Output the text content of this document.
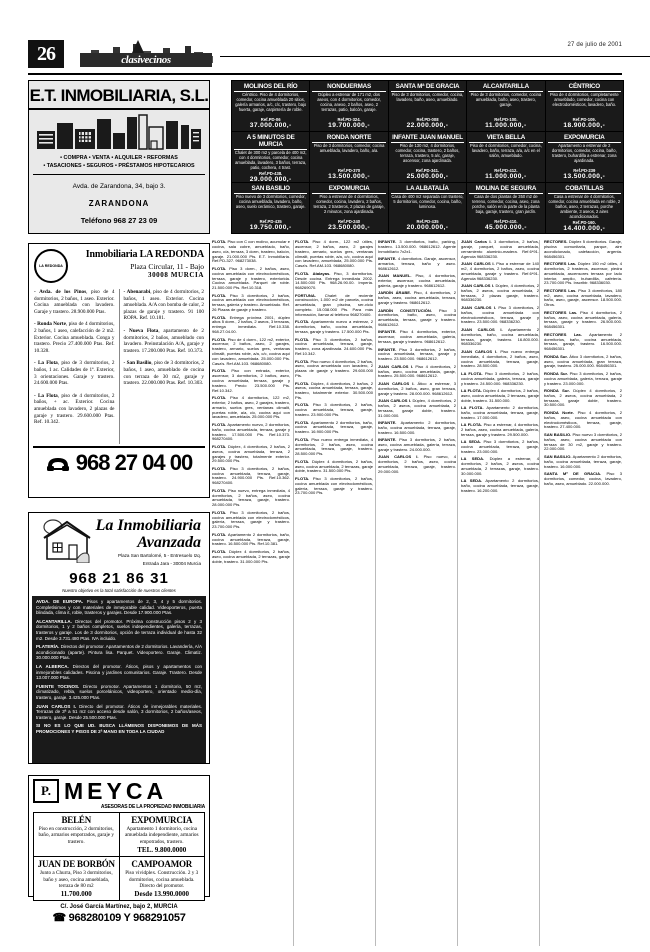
26	clasivecinos
27 de julio de 2001
E.T. INMOBILIARIA, S.L.
• COMPRA • VENTA • ALQUILER • REFORMAS
• TASACIONES • SEGUROS • PRÉSTAMOS HIPOTECARIOS
Avda. de Zarandona, 34, bajo 3.
ZARANDONA
Teléfono 968 27 23 09
MOLINOS DEL RÍO
Céntrico. Piso de 4 dormitorios, comedor, cocina amueblada 20 sitios, galería armarios, a/c, c/c, trastero, bajo huerta, garaje, carpintería de roble.
Ref.PD-06
37.000.000,-
NONDUERMAS
Dúplex a estrenar de 171 m2, dos aseos, con 4 dormitorios, comedor, cocina, anexo, 2 baños, aseo, 2 terrazas, patio, balcón, garaje.
Ref.PD-324.
19.700.000,-
SANTA Mª DE GRACIA
Piso de 3 dormitorios, comedor, cocina, lavadero, baño, aseo, amueblado.
Ref.PD-008
22.000.000,-
ALCANTARILLA
Piso de 3 dormitorios, comedor, cocina amueblada, baño, aseo, trastero, garaje.
Ref.PD-100.
11.000.000,-
CÉNTRICO
Piso de 4 dormitorios, completamente amueblado, comedor, cocina con electrodomésticos, lavadero, baño.
Ref.PD-109.
18.900.000,-
A 5 MINUTOS DE MURCIA
Chalet de 300 m2 y parcela de 400 m2, con 4 dormitorios, comedor, cocina amueblada, lavadero, 3 baños, terraza, patio, cochera, 4 trast.
Ref.PD-438.
29.000.000,-
RONDA NORTE
Piso de 3 dormitorios, comedor, cocina amueblada, lavadero, baño, a/a.
Ref.PD-370
13.500.000,-
INFANTE JUAN MANUEL
Piso de 130 m2, 4 dormitorios, comedor, cocina, trastero, 2 baños, terraza, trastero, 5 a/c, garaje, ascensor, zona ajardinada.
Ref.PD-341.
25.000.000,-
VIETA BELLA
Piso de 4 dormitorios, comedor, cocina, lavadero, baño, terraza, a/a, a/c en el salón, amueblado.
Ref.PD-412.
11.000.000,-
EXPOMURCIA
Apartamento a estrenar de 2 dormitorios, comedor, cocina, baño, trastero, buhardilla a estrenar, zona ajardinada.
Ref.PD-239
13.500.000,-
SAN BASILIO
Piso nuevo de 3 dormitorios, comedor, cocina amueblada, lavadero, baño, aseo, suelo cerámico, trastero, garaje.
Ref.PD-435
19.750.000,-
EXPOMURCIA
Piso a estrenar de 4 dormitorios, comedor, cocina, lavadero, 2 baños, terraza, 2 trasteros, 2 plazas de garaje, 2 minutos, zona ajardinada.
Ref.PD-240
23.500.000,-
LA ALBATALÍA
Casa de 400 m2 separada con trastero, 5 dormitorios, comedor, cocina, baño, luminosa.
Ref.PD-435
20.000.000,-
MOLINA DE SEGURA
Casa de dos plantas de 350 m2 de terreno, comedor, cocina, aseo, zona porche, salón en la parte de la planta baja, garaje, trastero, gran jardín.
Ref.PD-410.
45.000.000,-
COBATILLAS
Casa a estrenar de 4 dormitorios, comedor, cocina amueblada en roble, 2 baños, aseo, 2 terrazas, porche ambiente, 3 aseos, 2 aires acondicionados.
Ref.PD-160.
14.400.000,-
LA REDONDA
Inmobiliaria LA REDONDA
Plaza Circular, 11 - Bajo
30008 MURCIA
- Avda. de los Pinos, piso de 4 dormitorios, 2 baños, 1 aseo. Exterior. Cocina amueblada con lavadero. Garaje y trastero. 28.900.000 Ptas.
- Ronda Norte, piso de 4 dormitorios, 2 baños, 1 aseo, calefacción de 2 m2. Exterior. Cocina amueblada. Conga y trastero. Precio 27.400.000 Ptas. Ref. 10.328.
- La Flota, piso de 3 dormitorios, 2 baños, 1 ac. Calidades de 1ª. Exterior, 3 orientaciones. Garaje y trastero. 24.600.000 Ptas.
- La Flota, piso de 4 dormitorios, 2 baños, + ac. Exterior. Cocina amueblada con lavadero, 2 plazas de garaje y trastero. 29.600.000 Ptas. Ref. 10.342.
- Abenarabi, piso de 4 dormitorios, 2 baños, 1 aseo. Exterior. Cocina amueblada. A/A con bomba de calor, 2 plazas de garaje y trastero. 91 100 ROPA. Ref. 10.181.
- Nueva Flota, apartamento de 2 dormitorios, 2 baños, amueblado con lavadero. Preinstalación A/A, garaje y trastero. 17.200.000 Ptas. Ref. 10.373.
- San Basilio, piso de 3 dormitorios, 2 baños, 1 aseo, amueblado de cocina con terraza de 30 m2, garaje y trastero. 22.000.000 Ptas. Ref. 10.303.
968 27 04 00
La Inmobiliaria
Avanzada
Plaza San Bartolomé, 5 - Entresuelo Izq.
Entrada Jara - 30004 Murcia
968 21 86 31
Nuestro objetivo es la total satisfacción de nuestros clientes

AVDA. DE EUROPA. Pisos y apartamentos de 2, 3, 4 y 5 dormitorios. Completísimos y con materiales de inmejorable calidad. Videoporteros, puerta blindada, clima it, roble, trasteros y garajes. Desde 17.900.000 Ptas.

ALCANTARILLA. Directos del promotor. Próxima construcción pisos 2 y 3 dormitorios, 1 y 2 baños completos, suelos independientes, galería, terrazas, trasteros y garaje. Los de 3 dormitorios, opción de terraza individual de hasta 32 m2. Desde 3.731.480 Ptas. IVA incluido.

PLATERÍA. Directos del promotor. Apartamentos de 2 dormitorios. Lavandería, A/A acondicionado (aparte). Pintura lisa. Parquet. Videoportero. Garaje. Climatiz. 30.000.000 Ptas.

LA ALBERCA. Directos del promotor. Áticos, pisos y apartamentos con inmejorables calidades. Piscina y jardines comunitarios. Garaje. Trastero. Desde 13.007.000 Ptas.

FUENTE TOCINOS. Directo promotor. Apartamentos 1 dormitorio, 50 m2, climatizado, rebla, suelos porcelánicos, videoportero, orientado medio-día, trastero, garaje. 3.425.000 Ptas.

JUAN CARLOS I. Directo del promotor. Áticos de inmejorables materiales. Terrazas de 3ª a 51 m2 con acceso desde salón, 3 dormitorios, 2 baños/aseos, trastero, garaje. Desde 25.500.000 Ptas.

SI NO ES LO QUE UD. BUSCA LLÁMENOS DISPONEMOS DE MÁS PROMOCIONES Y PISOS DE 2ª MANO EN TODA LA CIUDAD

P. MEYCA
ASESORAS DE LA PROPIEDAD INMOBILIARIA
BELÉN
Piso en construcción, 2 dormitorios, baño, armarios empotrados, garaje y trastero.
EXPOMURCIA
Apartamento 1 dormitorio, cocina amueblada independiente, armarios empotrados, trastero.
TEL. 9.800.0000
JUAN DE BORBÓN
Junto a Churra, Piso 3 dormitorios, baño y aseo, cocina amueblada, terraza de 80 m2
11.700.000
CAMPOAMOR
Piso vividplex. Construcción. 2 y 3 dormitorios, cocina amueblada. Directo del promotor.
Desde 13.990.0000
C/. José García Martínez, bajo 2, MURCIA
☎ 968280109 Y 968291057
FLOTA. Piso con C con molino, acumular e cocina, sala cobre, amueblado, baño, aseo, c/a, terraza, 3 dorm, trastero, balcón, garaje. 21.000.000 Pts. E.T. Inmobiliaria. Ref.PD-327. 968273038.
FLOTA. Piso 3 dorm., 2 baños, aseo, cocina amueblada con electrodomésticos, terraza, garaje y trastero, exteriorida. Cocina amueblada. Parquet de roble. 21.500.000 Pts. Ref.10.318.
FLOTA. Piso 3 dormitorios, 2 baños, cocina amueblada con electrodomésticos, terraza, galería y trastero. Amueblado. Ref. 26 Plazas de garaje y trastero.
FLOTA. Entrega próxima 2001, dúplex altos 5 dorm., 2 baños, 2 aseos, 3 terrazas, entrega inmediata. Ref.10.338. 968.27.04.00.
FLOTA. Piso de 4 dorm., 122 m2, exterior, ascensor, 2 baños, aseo, 2 garajes, trastero, armario, suelos gres, ventanas climalit, puertas roble, a/a, c/c, cocina aquí con lavadero, amueblada. 25.000.000 Pts. Casa's. Ref.AM-103. 968680080.
FLOTA. Piso con entrada, exterior, ascensor, 3 dormitorios, 2 baños, aseo, cocina amueblada, terraza, garaje y trastero. Precio 23.500.000 Pts. Ref.10.342.
FLOTA. Piso 4 dormitorios, 122 m2, exterior, 2 baños, aseo, 2 garajes, trastero, armario, suelos gres, ventanas climalit, puertas roble, a/a, c/c, cocina aquí con lavadero, amueblada. 25.000.000 Pts.
FLOTA. Apartamento nuevo, 2 dormitorios, baño, cocina amueblada, terraza, garaje y trastero. 17.500.000 Pts. Ref.10.373. 968270400.
FLOTA. Dúplex, 4 dormitorios, 2 baños, 2 aseos, cocina amueblada, terraza, 2 garajes y trastero, totalmente exterior. 29.500.000 Pts.
FLOTA. Piso 3 dormitorios, 2 baños, cocina amueblada, terraza, garaje, trastero. 24.900.000 Pts. Ref.10.362. 968270400.
FLOTA. Piso nuevo, entrega inmediata, 4 dormitorios, 2 baños, aseo, cocina amueblada, terraza, garaje, trastero. 28.000.000 Pts.
FLOTA. Piso 3 dormitorios, 2 baños, cocina amueblada con electrodomésticos, galería, terraza, garaje y trastero. 23.700.000 Pts.
FLOTA. Apartamento 2 dormitorios, baño, cocina amueblada, terraza, garaje, trastero. 16.500.000 Pts. Ref.10.381.
FLOTA. Dúplex 4 dormitorios, 2 baños, aseo, cocina amueblada, 2 terrazas, garaje doble, trastero. 31.000.000 Pts.
FLOTA. Piso 4 dorm., 122 m2 útiles, ascensor, 2 baños, aseo, 2 garajes trastero, armario, suelos gres, ventanas climalit, puertas roble, a/a, c/c, cocina aquí con lavadero, amueblada, 25.000.000 Pts. Casa's. Ref.AM-103. 968680080.
FLOTA. Atalayas. Piso, 3 dormitorios. Desde cocina. Entrega inmediata 2002. 14.500.000 Pts. 968.26.90.00. Imperia. 968269070.
FORTUNA. Chalet de reciente construcción, 1.000 m2 de parcela, cocina amueblada, gran piscina, ser-vicio completo. 15.038.000 Pts. Para más información, llamar al teléfono 968270400.
FLOTA. Apartamento nuevo a estrenar, 2 dormitorios, baño, cocina amueblada, terraza, garaje y trastero. 17.500.000 Pts.
FLOTA. Piso 3 dormitorios, 2 baños, cocina amueblada, terraza, garaje, trastero, zona ajardinada. 24.600.000 Pts. Ref.10.342.
FLOTA. Piso nuevo 4 dormitorios, 2 baños, aseo, cocina amueblada con lavadero, 2 plazas de garaje y trastero. 29.600.000 Pts.
FLOTA. Dúplex, 4 dormitorios, 2 baños, 2 aseos, cocina amueblada, terraza, garaje, trastero, totalmente exterior. 30.500.000 Pts.
FLOTA. Piso 3 dormitorios, 2 baños, cocina amueblada, terraza, garaje, trastero. 23.900.000 Pts.
FLOTA. Apartamento 2 dormitorios, baño, cocina amueblada, terraza, garaje, trastero. 16.900.000 Pts.
FLOTA. Piso nuevo entrega inmediata, 4 dormitorios, 2 baños, aseo, cocina amueblada, terraza, garaje, trastero. 28.500.000 Pts.
FLOTA. Dúplex 4 dormitorios, 2 baños, aseo, cocina amueblada, 2 terrazas, garaje doble, trastero. 31.500.000 Pts.
FLOTA. Piso 3 dormitorios, 2 baños, cocina amueblada con electrodomésticos, galería, terraza, garaje y trastero. 23.700.000 Pts.
INFANTE. 3 dormitorios, baño, parking, trastero. 13.500.000. 968612612. Agente Inmobiliario 7x2x1.
INFANTE. 4 dormitorios. Garaje, ascensor, armarios, terraza, baño y aseo. 968612612.
JUAN MANUEL. Piso, 4 dormitorios, exterior, ascensor, cocina amueblada, galería, garaje y trastero. 968612612.
JARDÍN ÁRABE. Piso, 4 dormitorios, 2 baños, aseo, cocina amueblada, terraza, garaje y trastero. 968612612.
JARDÍN CONSTITUCIÓN. Piso 3 dormitorios, baño, aseo, cocina amueblada, terraza, garaje y trastero. 968612612.
INFANTE. Piso 4 dormitorios, exterior, ascensor, cocina amueblada, galería, terraza, garaje y trastero. 968612612.
INFANTE. Piso 3 dormitorios, 2 baños, cocina amueblada, terraza, garaje y trastero. 23.500.000. 968612612.
JUAN CARLOS I. Piso 4 dormitorios, 2 baños, aseo, cocina amueblada, garaje, trastero. 25.500.000. 968612612.
JUAN CARLOS I. Ático a estrenar, 3 dormitorios, 2 baños, aseo, gran terraza, garaje y trastero. 28.000.000. 968612612.
JUAN CARLOS I. Dúplex, 4 dormitorios, 2 baños, 2 aseos, cocina amueblada, 2 terrazas, garaje doble, trastero. 31.000.000.
INFANTE. Apartamento 2 dormitorios, baño, cocina amueblada, terraza, garaje, trastero. 16.500.000.
INFANTE. Piso 3 dormitorios, 2 baños, aseo, cocina amueblada, galería, terraza, garaje y trastero. 24.000.000.
JUAN CARLOS I. Piso nuevo, 4 dormitorios, 2 baños, aseo, cocina amueblada, terraza, garaje, trastero. 29.000.000.
JUAN Carlos I. 3 dormitorios, 2 baños, garaje, parquet, cocina amueblada, cerramiento aluminio-madera. Ref.6*91. Agencia 968336230.
JUAN CARLOS I. Piso a estrenar de 140 m2, 4 dormitorios, 2 baños, aseo, cocina amueblada, garaje y trastero. Ref.6*91. Agencia 968336230.
JUAN CARLOS I. Dúplex, 4 dormitorios, 2 baños, 2 aseos, cocina amueblada, 2 terrazas, 2 plazas garaje, trastero. 968336230.
JUAN CARLOS I. Piso 3 dormitorios, 2 baños, cocina amueblada con electrodomésticos, terraza, garaje y trastero. 23.500.000. 968336230.
JUAN CARLOS I. Apartamento 2 dormitorios, baño, cocina amueblada, terraza, garaje, trastero. 16.800.000. 968336230.
JUAN CARLOS I. Piso nuevo entrega inmediata, 4 dormitorios, 2 baños, aseo, cocina amueblada, terraza, garaje, trastero. 28.500.000.
LA FLOTA. Piso 3 dormitorios, 2 baños, cocina amueblada, galería, terraza, garaje y trastero. 24.500.000. 968336230.
LA FLOTA. Dúplex 4 dormitorios, 2 baños, aseo, cocina amueblada, 2 terrazas, garaje doble, trastero. 31.500.000.
LA FLOTA. Apartamento 2 dormitorios, baño, cocina amueblada, terraza, garaje, trastero. 17.000.000.
LA FLOTA. Piso a estrenar, 4 dormitorios, 2 baños, aseo, cocina amueblada, galería, terraza, garaje y trastero. 29.500.000.
LA SEDA. Piso 3 dormitorios, 2 baños, cocina amueblada, terraza, garaje, trastero. 23.000.000.
LA SEDA. Dúplex a estrenar, 4 dormitorios, 2 baños, 2 aseos, cocina amueblada, 2 terrazas, garaje, trastero. 30.000.000.
LA SEDA. Apartamento 2 dormitorios, baño, cocina amueblada, terraza, garaje, trastero. 16.200.000.
RECTORES. Dúplex 5 dormitorios. Garaje, piscina comunitaria, parque, aire acondicionado, calefacción, argenta. 968456301.
RECTORES Las. Dúplex 150 m2 útiles, 4 dormitorios, 2 trasteros, ascensor, piedra amueblada, ascensores terraza por lado interior, amplio, buhardilla, cafetería. 23.700.000 Pts. Inscribir. 968336030.
RECTORES Las. Piso 3 dormitorios, 180 m2, aseo, cocina amueblada, lavadero, baño, aseo, garaje, ascensor. 18.500.000. Otros.
RECTORES Las. Piso 4 dormitorios, 2 baños, aseo, cocina amueblada, galería, terraza, garaje y trastero. 26.500.000. 968456301.
RECTORES Las. Apartamento 2 dormitorios, baño, cocina amueblada, terraza, garaje, trastero. 16.500.000. 968456301.
RONDA Sur. Ático 3 dormitorios, 2 baños, aseo, cocina amueblada, gran terraza, garaje, trastero. 25.000.000. 968456301.
RONDA Sur. Piso 3 dormitorios, 2 baños, cocina amueblada, galería, terraza, garaje y trastero. 23.000.000.
RONDA Sur. Dúplex 4 dormitorios, 2 baños, 2 aseos, cocina amueblada, 2 terrazas, garaje doble, trastero. 30.500.000.
RONDA Norte. Piso 4 dormitorios, 2 baños, aseo, cocina amueblada con electrodomésticos, terraza, garaje, trastero. 27.400.000.
SAN BASILIO. Piso nuevo 3 dormitorios, 2 baños, aseo, cocina amueblada con terraza de 30 m2, garaje y trastero. 22.000.000.
SAN BASILIO. Apartamento 2 dormitorios, baño, cocina amueblada, terraza, garaje, trastero. 16.000.000.
SANTA Mª DE GRACIA. Piso 3 dormitorios, comedor, cocina, lavadero, baño, aseo, amueblado. 22.000.000.
